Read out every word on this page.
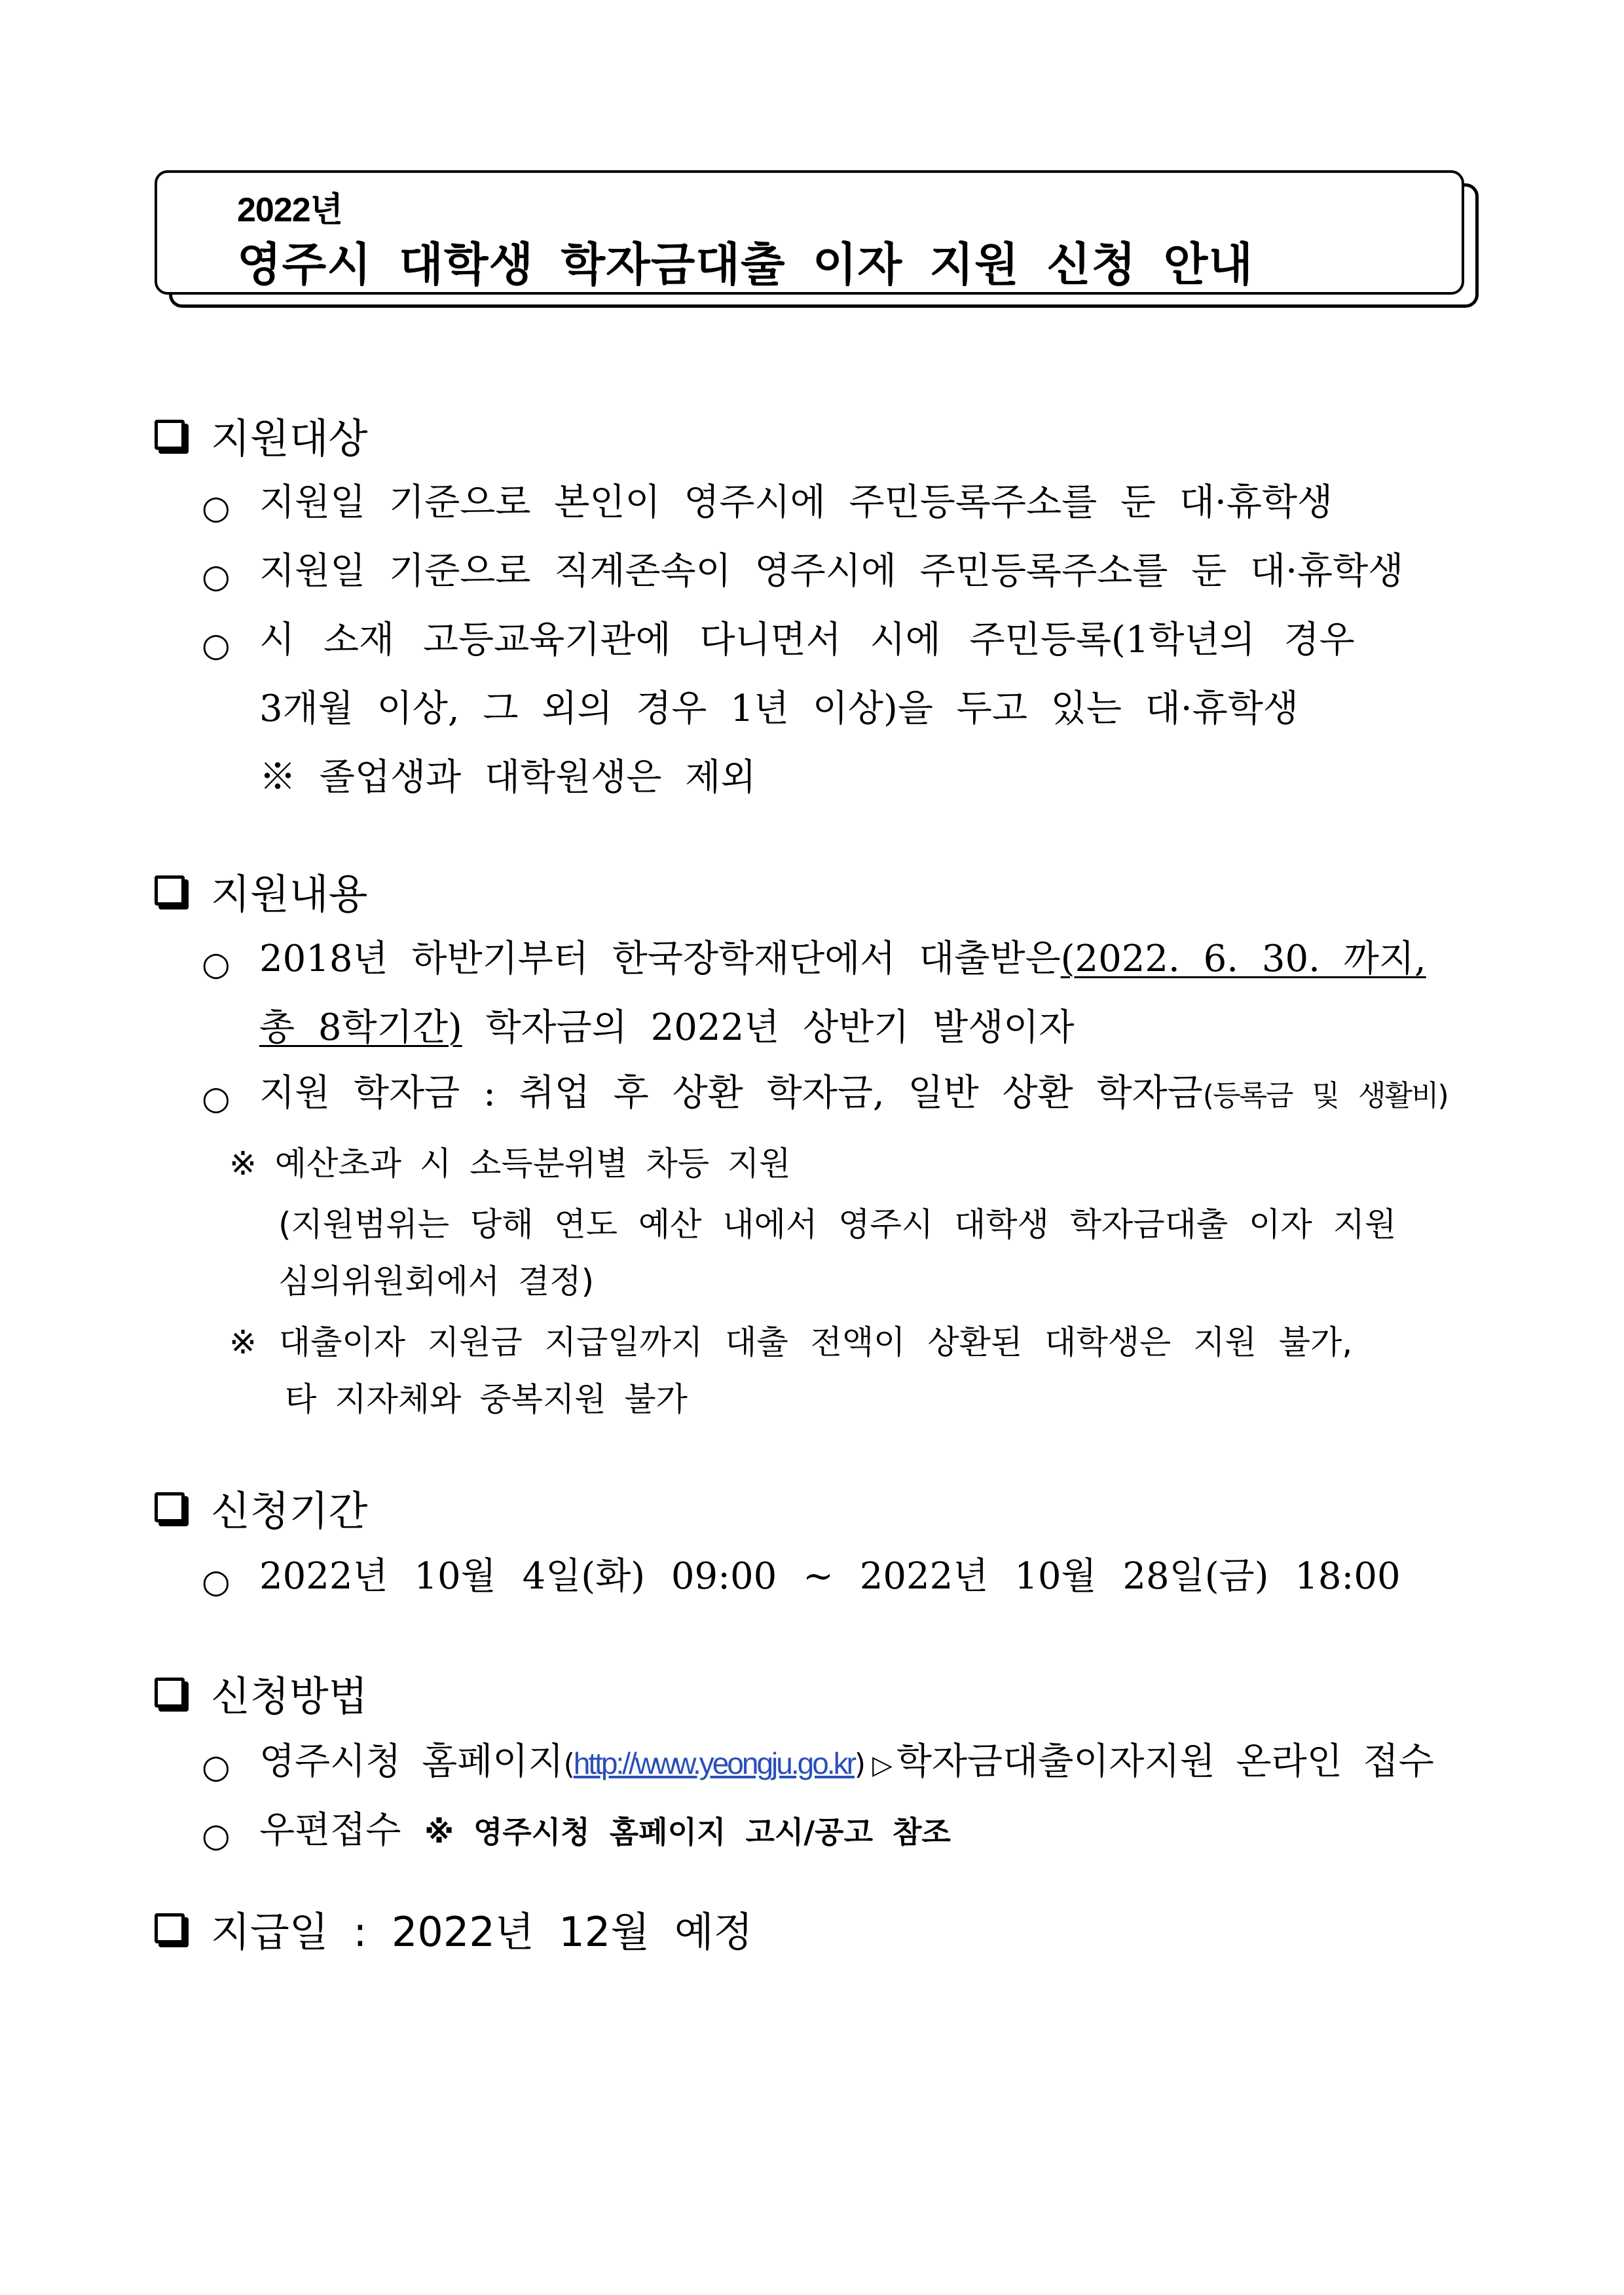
2022년
영주시 대학생 학자금대출 이자 지원 신청 안내
지원대상
○ 지원일 기준으로 본인이 영주시에 주민등록주소를 둔 대·휴학생
○ 지원일 기준으로 직계존속이 영주시에 주민등록주소를 둔 대·휴학생
○ 시 소재 고등교육기관에 다니면서 시에 주민등록(1학년의 경우
3개월 이상, 그 외의 경우 1년 이상)을 두고 있는 대·휴학생
※ 졸업생과 대학원생은 제외
지원내용
○ 2018년 하반기부터 한국장학재단에서 대출받은(2022. 6. 30. 까지,
총 8학기간) 학자금의 2022년 상반기 발생이자
○ 지원 학자금 : 취업 후 상환 학자금, 일반 상환 학자금(등록금 및 생활비)
※ 예산초과 시 소득분위별 차등 지원
(지원범위는 당해 연도 예산 내에서 영주시 대학생 학자금대출 이자 지원
심의위원회에서 결정)
※ 대출이자 지원금 지급일까지 대출 전액이 상환된 대학생은 지원 불가,
타 지자체와 중복지원 불가
신청기간
○ 2022년 10월 4일(화) 09:00 ~ 2022년 10월 28일(금) 18:00
신청방법
○ 영주시청 홈페이지(http://www.yeongju.go.kr) ▷ 학자금대출이자지원 온라인 접수
○ 우편접수 ※ 영주시청 홈페이지 고시/공고 참조
지급일 : 2022년 12월 예정
